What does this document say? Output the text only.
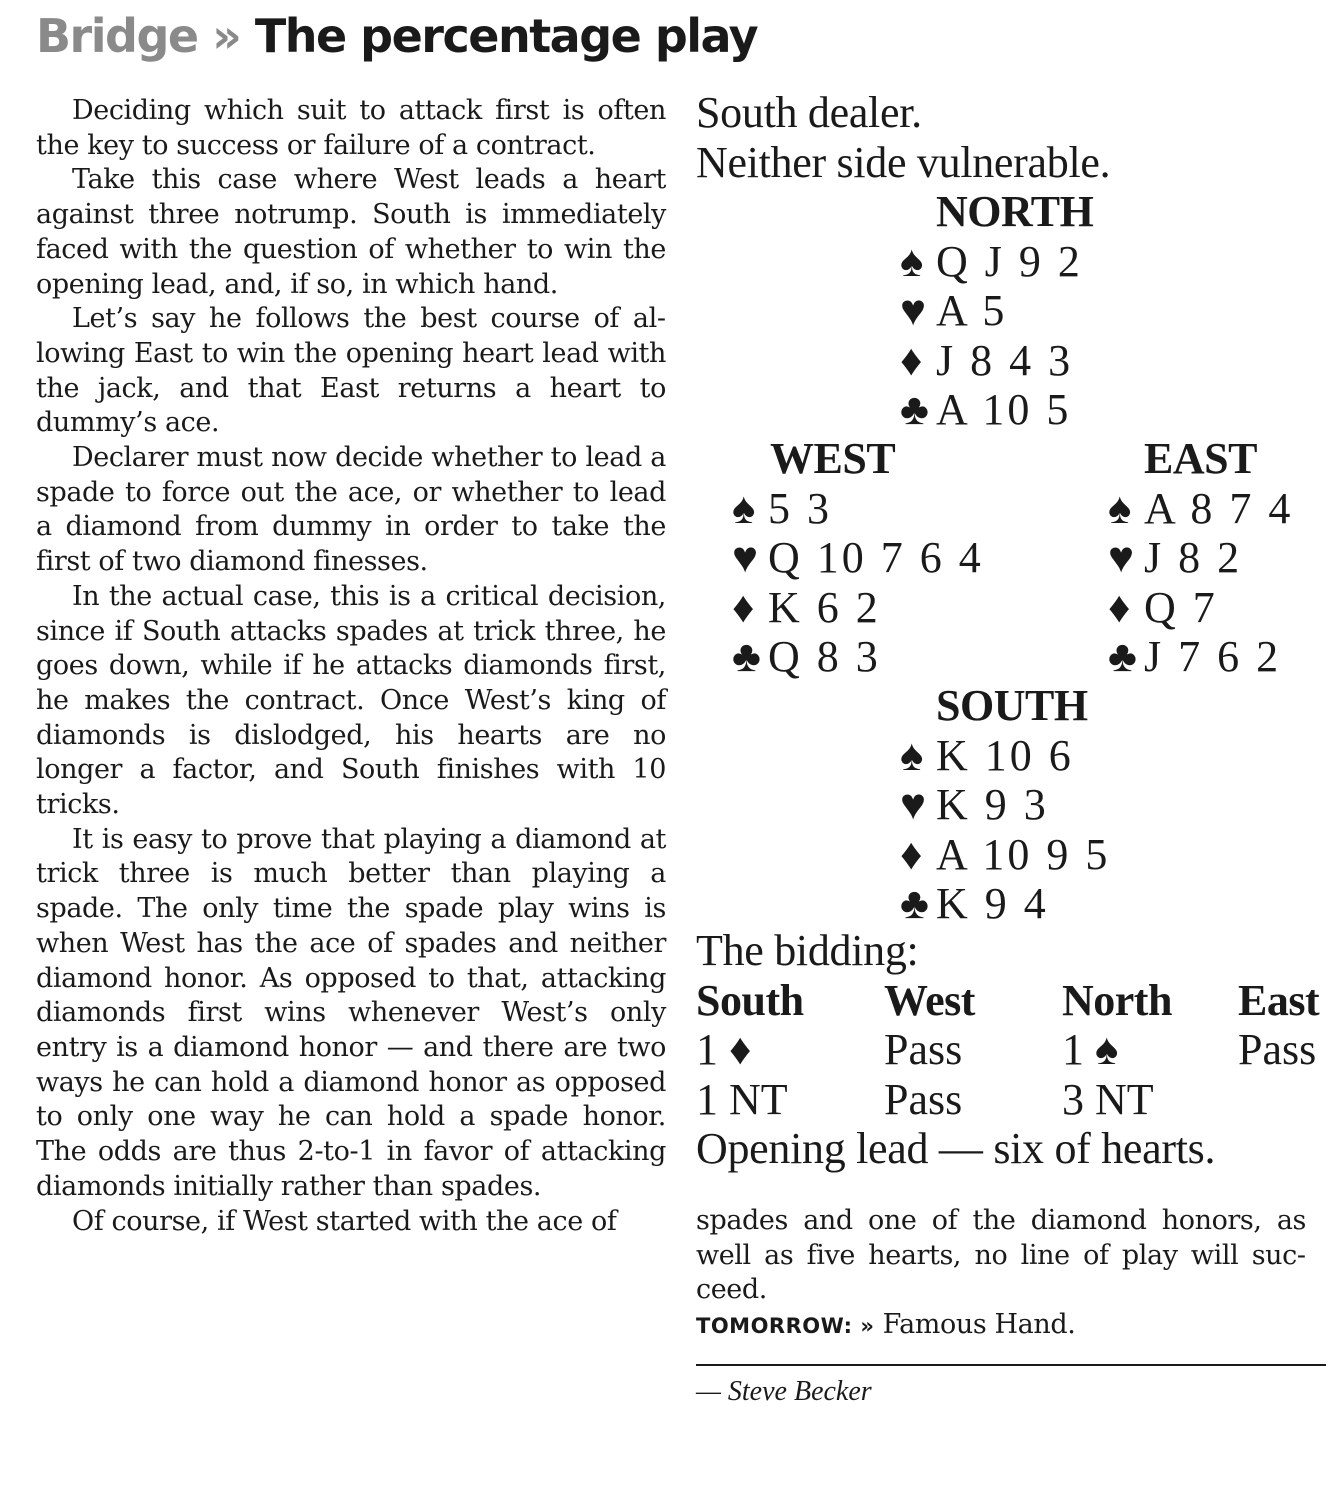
Bridge » The percentage play

Deciding which suit to attack first is often the key to success or failure of a contract.

Take this case where West leads a heart against three notrump. South is immediately faced with the question of whether to win the opening lead, and, if so, in which hand.

Let’s say he follows the best course of allowing East to win the opening heart lead with the jack, and that East returns a heart to dummy’s ace.

Declarer must now decide whether to lead a spade to force out the ace, or whether to lead a diamond from dummy in order to take the first of two diamond finesses.

In the actual case, this is a critical decision, since if South attacks spades at trick three, he goes down, while if he attacks diamonds first, he makes the contract. Once West’s king of diamonds is dislodged, his hearts are no longer a factor, and South finishes with 10 tricks.

It is easy to prove that playing a diamond at trick three is much better than playing a spade. The only time the spade play wins is when West has the ace of spades and neither diamond honor. As opposed to that, attacking diamonds first wins whenever West’s only entry is a diamond honor — and there are two ways he can hold a diamond honor as opposed to only one way he can hold a spade honor. The odds are thus 2-to-1 in favor of attacking diamonds initially rather than spades.

Of course, if West started with the ace of

South dealer.
Neither side vulnerable.
NORTH
♠ Q J 9 2
♥ A 5
♦ J 8 4 3
♣A 10 5
WEST
♠ 5 3
♥ Q 10 7 6 4
♦ K 6 2
♣Q 8 3
EAST
♠ A 8 7 4
♥ J 8 2
♦ Q 7
♣J 7 6 2
SOUTH
♠ K 10 6
♥ K 9 3
♦ A 10 9 5
♣K 9 4
The bidding:
South	West	North	East
1 ♦	Pass	1 ♠	Pass
1 NT	Pass	3 NT
Opening lead — six of hearts.

spades and one of the diamond honors, as well as five hearts, no line of play will succeed.

TOMORROW: » Famous Hand.

— Steve Becker
